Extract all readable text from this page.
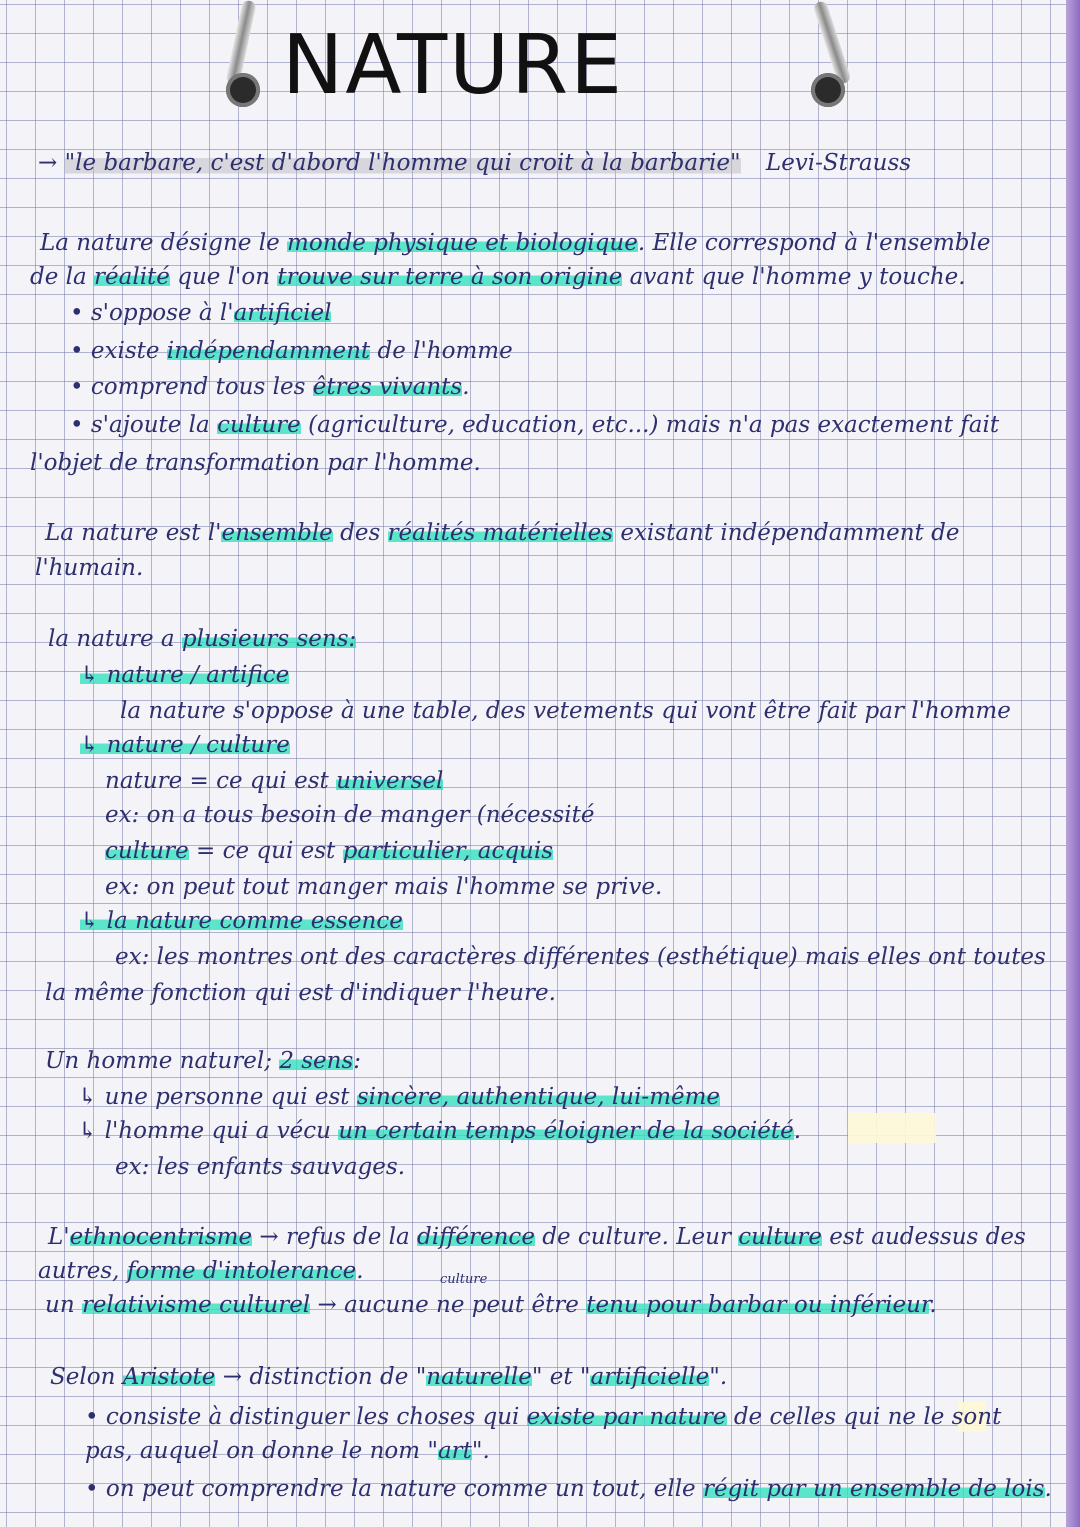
NATURE
→ "le barbare, c'est d'abord l'homme qui croit à la barbarie" Levi-Strauss
La nature désigne le monde physique et biologique. Elle correspond à l'ensemble
de la réalité que l'on trouve sur terre à son origine avant que l'homme y touche.
• s'oppose à l'artificiel
• existe indépendamment de l'homme
• comprend tous les êtres vivants.
• s'ajoute la culture (agriculture, education, etc...) mais n'a pas exactement fait
l'objet de transformation par l'homme.
La nature est l'ensemble des réalités matérielles existant indépendamment de
l'humain.
la nature a plusieurs sens:
↳ nature / artifice
la nature s'oppose à une table, des vetements qui vont être fait par l'homme
↳ nature / culture
nature = ce qui est universel
ex: on a tous besoin de manger (nécessité
culture = ce qui est particulier, acquis
ex: on peut tout manger mais l'homme se prive.
↳ la nature comme essence
ex: les montres ont des caractères différentes (esthétique) mais elles ont toutes
la même fonction qui est d'indiquer l'heure.
Un homme naturel; 2 sens:
↳ une personne qui est sincère, authentique, lui-même
↳ l'homme qui a vécu un certain temps éloigner de la société.
ex: les enfants sauvages.
L'ethnocentrisme → refus de la différence de culture. Leur culture est audessus des
autres, forme d'intolerance.	culture
un relativisme culturel → aucune ne peut être tenu pour barbar ou inférieur.
Selon Aristote → distinction de "naturelle" et "artificielle".
• consiste à distinguer les choses qui existe par nature de celles qui ne le sont
pas, auquel on donne le nom "art".
• on peut comprendre la nature comme un tout, elle régit par un ensemble de lois.
